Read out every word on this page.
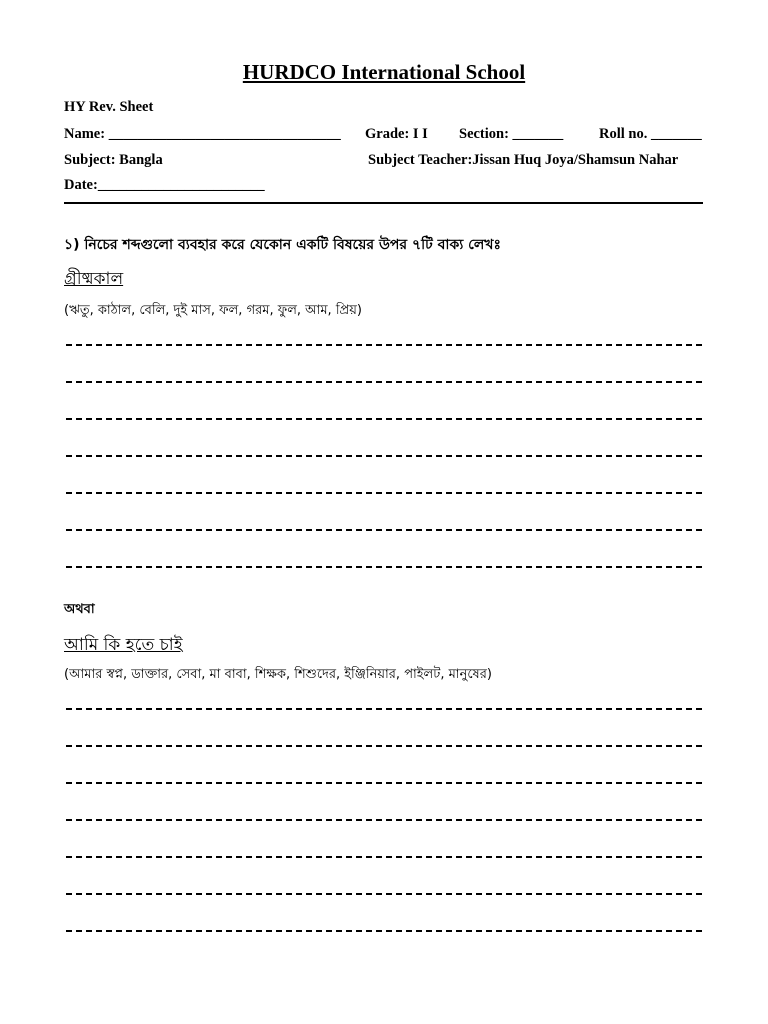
HURDCO International School
HY Rev. Sheet
Name: ________________________________ Grade: I I Section: _______ Roll no. _______
Subject: Bangla	Subject Teacher:Jissan Huq Joya/Shamsun Nahar
Date:_______________________
১) নিচের শব্দগুলো ব্যবহার করে যেকোন একটি বিষয়ের উপর ৭টি বাক্য লেখঃ
গ্রীষ্মকাল
(ঋতু, কাঠাল, বেলি, দুই মাস, ফল, গরম, ফুল, আম, প্রিয়)
অথবা
আমি কি হতে চাই
(আমার স্বপ্ন, ডাক্তার, সেবা, মা বাবা, শিক্ষক, শিশুদের, ইঞ্জিনিয়ার, পাইলট, মানুষের)
